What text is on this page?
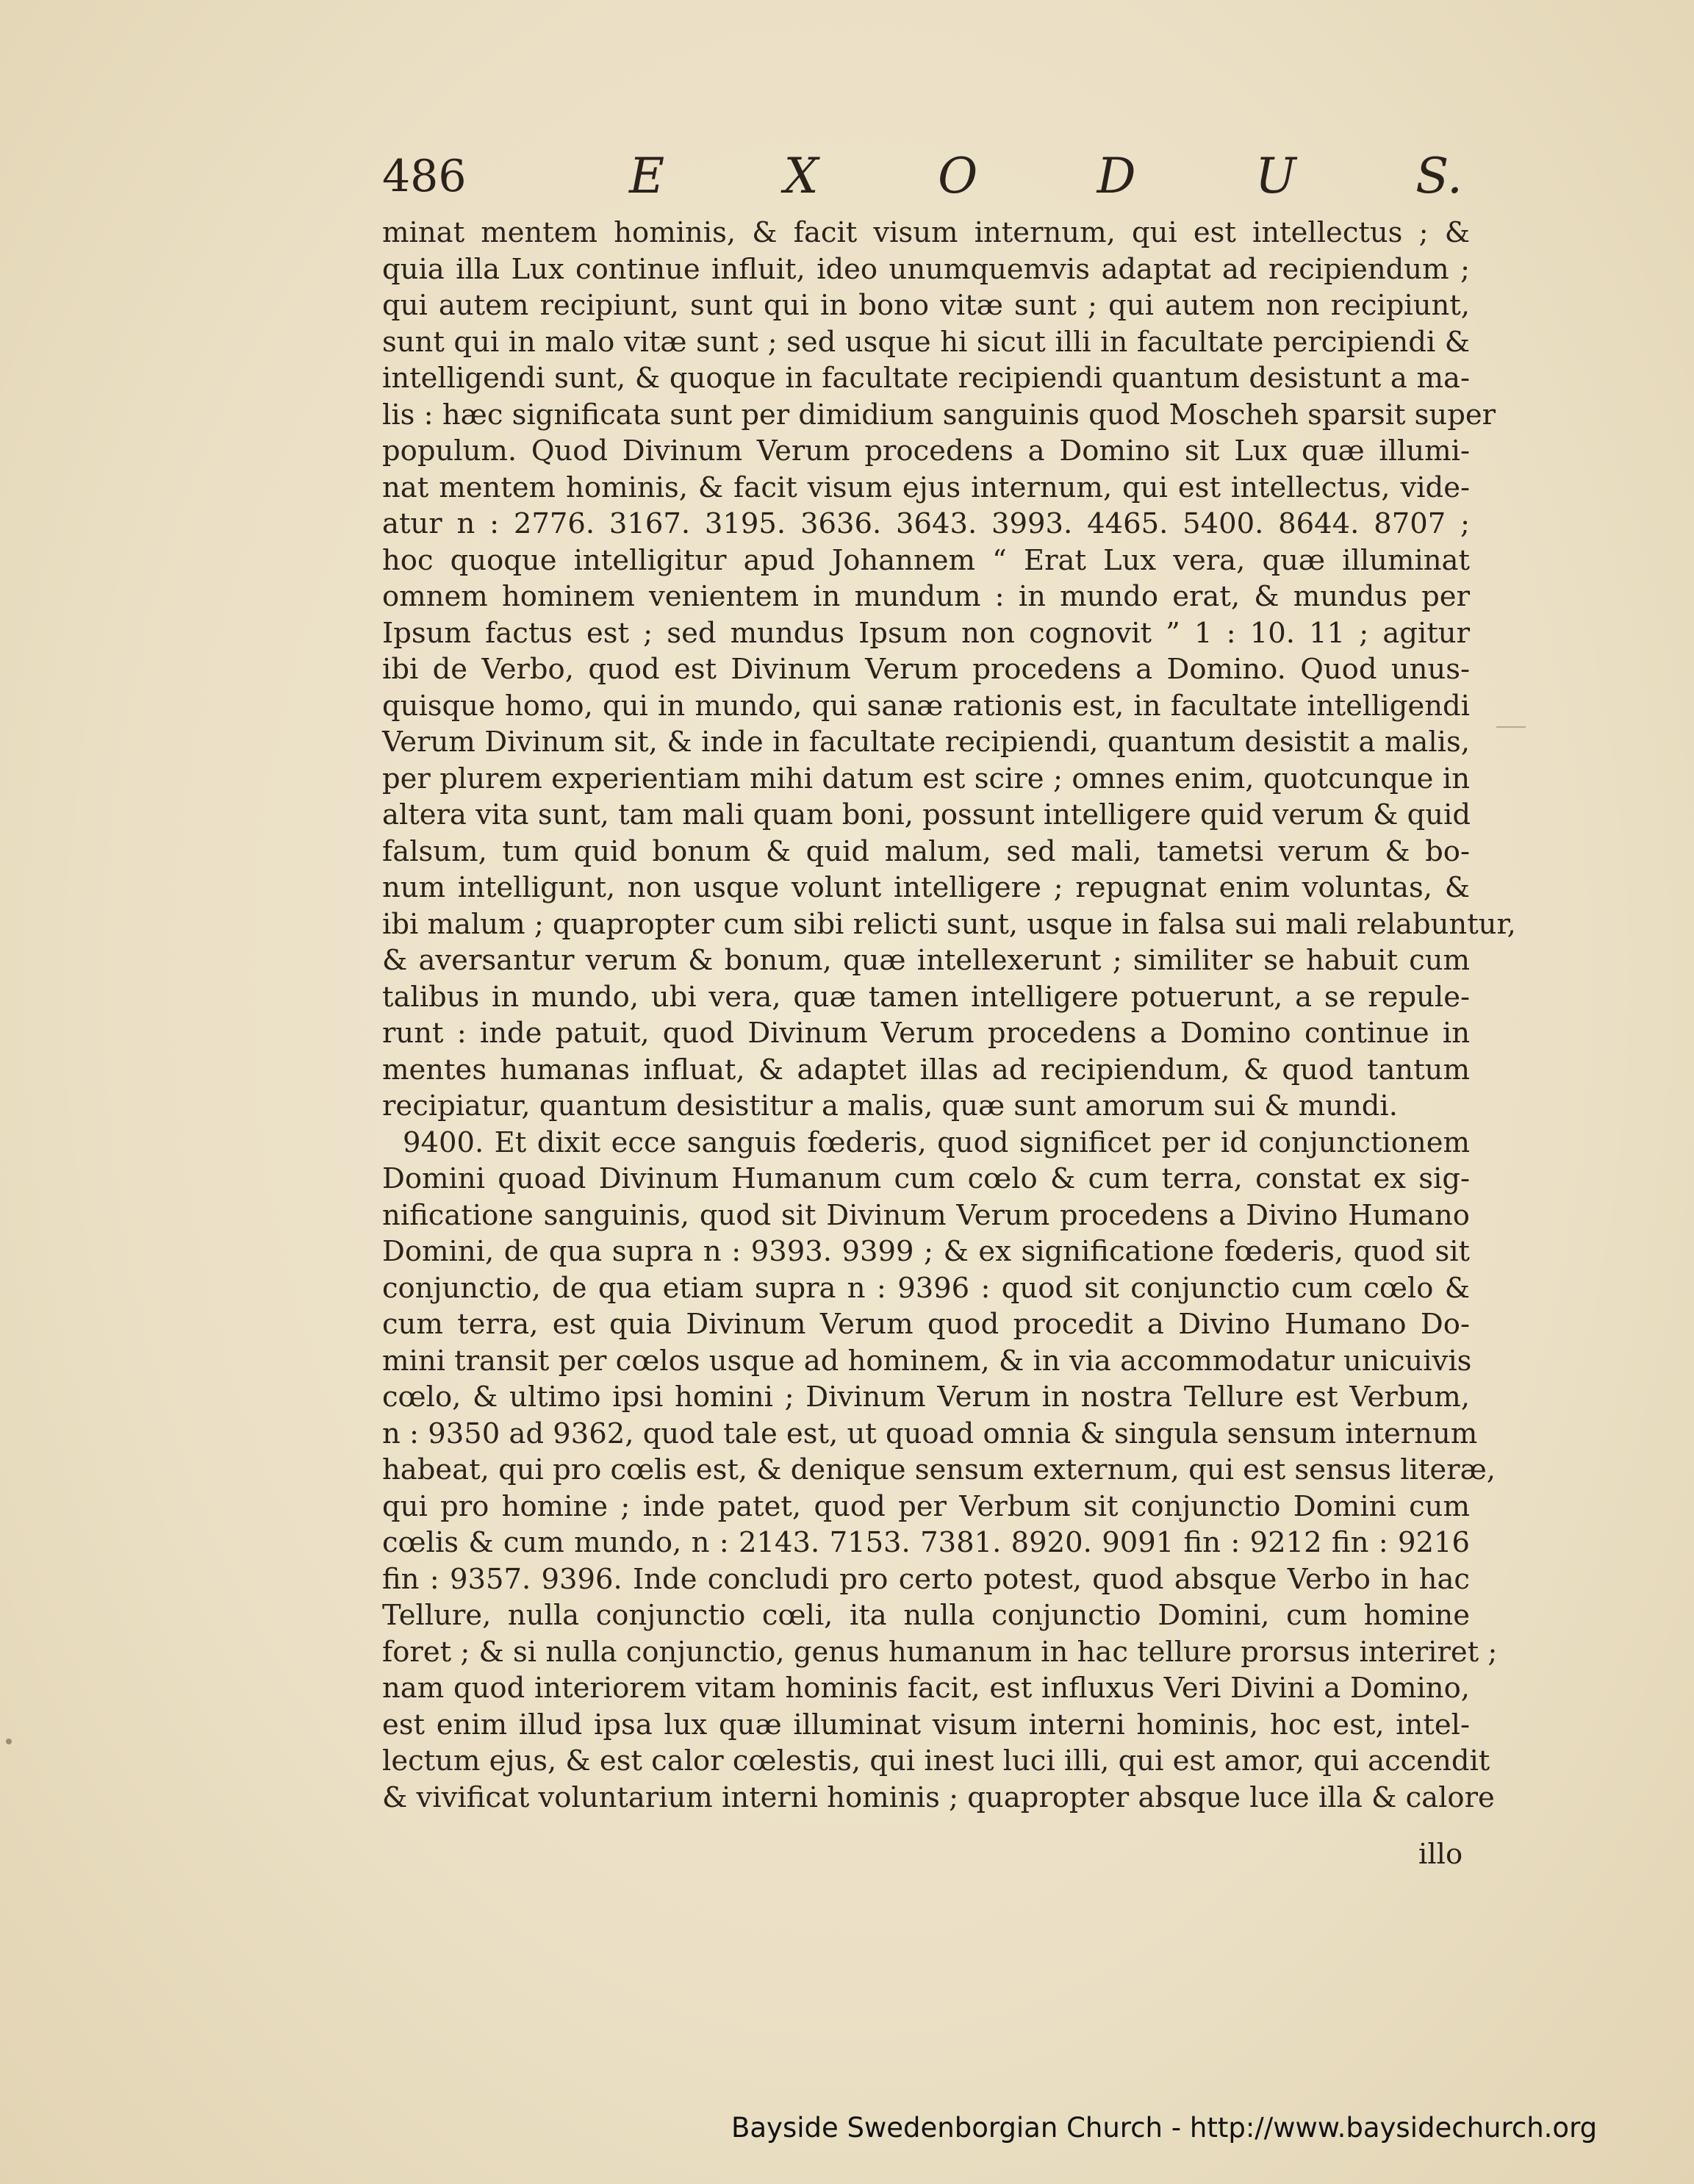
486	E X O D U S.
minat mentem hominis, & facit visum internum, qui est intellectus ; &
quia illa Lux continue influit, ideo unumquemvis adaptat ad recipiendum ;
qui autem recipiunt, sunt qui in bono vitæ sunt ; qui autem non recipiunt,
sunt qui in malo vitæ sunt ; sed usque hi sicut illi in facultate percipiendi &
intelligendi sunt, & quoque in facultate recipiendi quantum desistunt a ma-
lis : hæc significata sunt per dimidium sanguinis quod Moscheh sparsit super
populum. Quod Divinum Verum procedens a Domino sit Lux quæ illumi-
nat mentem hominis, & facit visum ejus internum, qui est intellectus, vide-
atur n : 2776. 3167. 3195. 3636. 3643. 3993. 4465. 5400. 8644. 8707 ;
hoc quoque intelligitur apud Johannem “ Erat Lux vera, quæ illuminat
omnem hominem venientem in mundum : in mundo erat, & mundus per
Ipsum factus est ; sed mundus Ipsum non cognovit ” 1 : 10. 11 ; agitur
ibi de Verbo, quod est Divinum Verum procedens a Domino. Quod unus-
quisque homo, qui in mundo, qui sanæ rationis est, in facultate intelligendi
Verum Divinum sit, & inde in facultate recipiendi, quantum desistit a malis,
per plurem experientiam mihi datum est scire ; omnes enim, quotcunque in
altera vita sunt, tam mali quam boni, possunt intelligere quid verum & quid
falsum, tum quid bonum & quid malum, sed mali, tametsi verum & bo-
num intelligunt, non usque volunt intelligere ; repugnat enim voluntas, &
ibi malum ; quapropter cum sibi relicti sunt, usque in falsa sui mali relabuntur,
& aversantur verum & bonum, quæ intellexerunt ; similiter se habuit cum
talibus in mundo, ubi vera, quæ tamen intelligere potuerunt, a se repule-
runt : inde patuit, quod Divinum Verum procedens a Domino continue in
mentes humanas influat, & adaptet illas ad recipiendum, & quod tantum
recipiatur, quantum desistitur a malis, quæ sunt amorum sui & mundi.
9400. Et dixit ecce sanguis fœderis, quod significet per id conjunctionem
Domini quoad Divinum Humanum cum cœlo & cum terra, constat ex sig-
nificatione sanguinis, quod sit Divinum Verum procedens a Divino Humano
Domini, de qua supra n : 9393. 9399 ; & ex significatione fœderis, quod sit
conjunctio, de qua etiam supra n : 9396 : quod sit conjunctio cum cœlo &
cum terra, est quia Divinum Verum quod procedit a Divino Humano Do-
mini transit per cœlos usque ad hominem, & in via accommodatur unicuivis
cœlo, & ultimo ipsi homini ; Divinum Verum in nostra Tellure est Verbum,
n : 9350 ad 9362, quod tale est, ut quoad omnia & singula sensum internum
habeat, qui pro cœlis est, & denique sensum externum, qui est sensus literæ,
qui pro homine ; inde patet, quod per Verbum sit conjunctio Domini cum
cœlis & cum mundo, n : 2143. 7153. 7381. 8920. 9091 fin : 9212 fin : 9216
fin : 9357. 9396. Inde concludi pro certo potest, quod absque Verbo in hac
Tellure, nulla conjunctio cœli, ita nulla conjunctio Domini, cum homine
foret ; & si nulla conjunctio, genus humanum in hac tellure prorsus interiret ;
nam quod interiorem vitam hominis facit, est influxus Veri Divini a Domino,
est enim illud ipsa lux quæ illuminat visum interni hominis, hoc est, intel-
lectum ejus, & est calor cœlestis, qui inest luci illi, qui est amor, qui accendit
& vivificat voluntarium interni hominis ; quapropter absque luce illa & calore
illo
Bayside Swedenborgian Church - http://www.baysidechurch.org
